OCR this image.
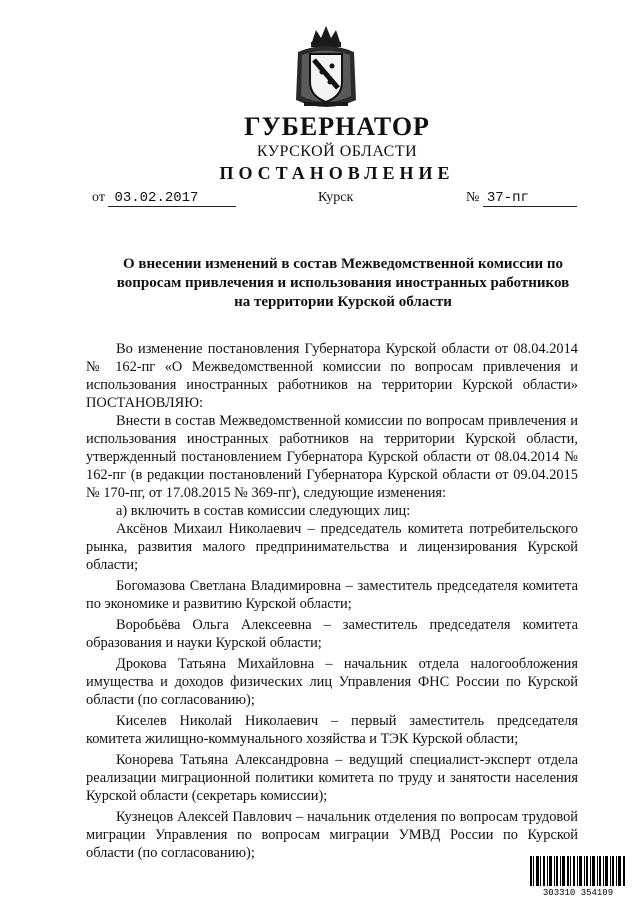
ГУБЕРНАТОР
КУРСКОЙ ОБЛАСТИ
ПОСТАНОВЛЕНИЕ
от 03.02.2017	Курск	№ 37-пг
О внесении изменений в состав Межведомственной комиссии по вопросам привлечения и использования иностранных работников на территории Курской области

Во изменение постановления Губернатора Курской области от 08.04.2014 № 162-пг «О Межведомственной комиссии по вопросам привлечения и использования иностранных работников на территории Курской области» ПОСТАНОВЛЯЮ:

Внести в состав Межведомственной комиссии по вопросам привлечения и использования иностранных работников на территории Курской области, утвержденный постановлением Губернатора Курской области от 08.04.2014 № 162-пг (в редакции постановлений Губернатора Курской области от 09.04.2015 № 170-пг, от 17.08.2015 № 369-пг), следующие изменения:

а) включить в состав комиссии следующих лиц:

Аксёнов Михаил Николаевич – председатель комитета потребительского рынка, развития малого предпринимательства и лицензирования Курской области;

Богомазова Светлана Владимировна – заместитель председателя комитета по экономике и развитию Курской области;

Воробьёва Ольга Алексеевна – заместитель председателя комитета образования и науки Курской области;

Дрокова Татьяна Михайловна – начальник отдела налогообложения имущества и доходов физических лиц Управления ФНС России по Курской области (по согласованию);

Киселев Николай Николаевич – первый заместитель председателя комитета жилищно-коммунального хозяйства и ТЭК Курской области;

Конорева Татьяна Александровна – ведущий специалист-эксперт отдела реализации миграционной политики комитета по труду и занятости населения Курской области (секретарь комиссии);

Кузнецов Алексей Павлович – начальник отделения по вопросам трудовой миграции Управления по вопросам миграции УМВД России по Курской области (по согласованию);

303310 354109
